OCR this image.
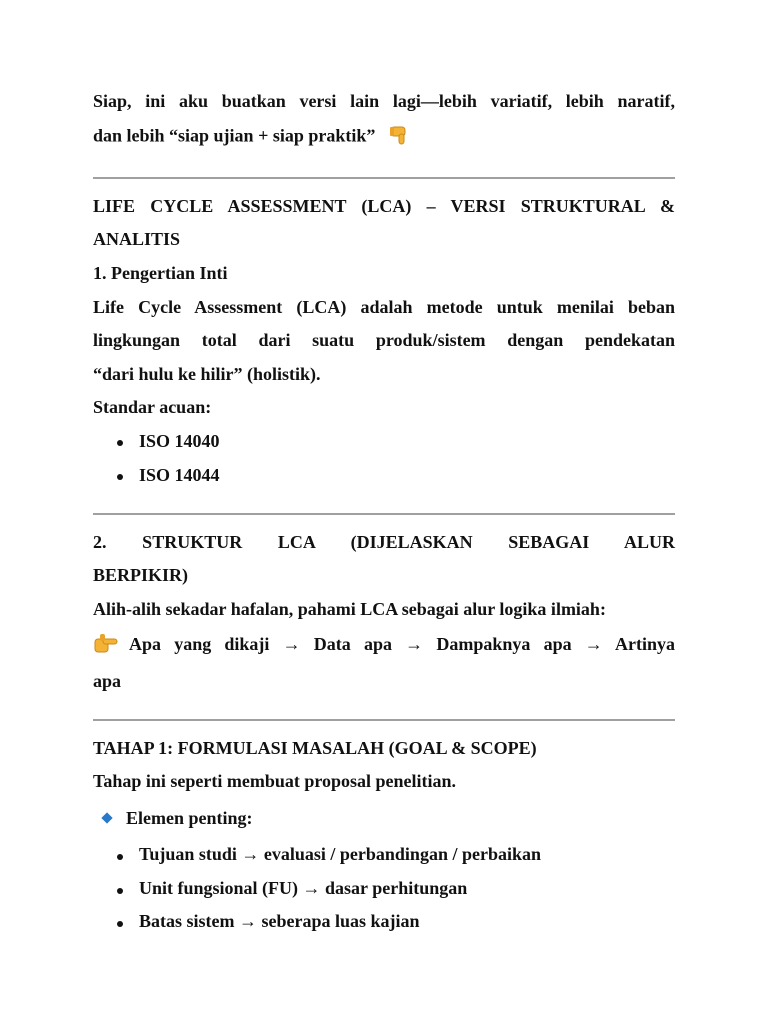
Siap, ini aku buatkan versi lain lagi—lebih variatif, lebih naratif,
dan lebih “siap ujian + siap praktik”
LIFE CYCLE ASSESSMENT (LCA) – VERSI STRUKTURAL &
ANALITIS
1. Pengertian Inti
Life Cycle Assessment (LCA) adalah metode untuk menilai beban
lingkungan total dari suatu produk/sistem dengan pendekatan
“dari hulu ke hilir” (holistik).
Standar acuan:
ISO 14040
ISO 14044
2. STRUKTUR LCA (DIJELASKAN SEBAGAI ALUR
BERPIKIR)
Alih-alih sekadar hafalan, pahami LCA sebagai alur logika ilmiah:
Apa yang dikaji → Data apa → Dampaknya apa → Artinya
apa
TAHAP 1: FORMULASI MASALAH (GOAL & SCOPE)
Tahap ini seperti membuat proposal penelitian.
Elemen penting:
Tujuan studi → evaluasi / perbandingan / perbaikan
Unit fungsional (FU) → dasar perhitungan
Batas sistem → seberapa luas kajian
